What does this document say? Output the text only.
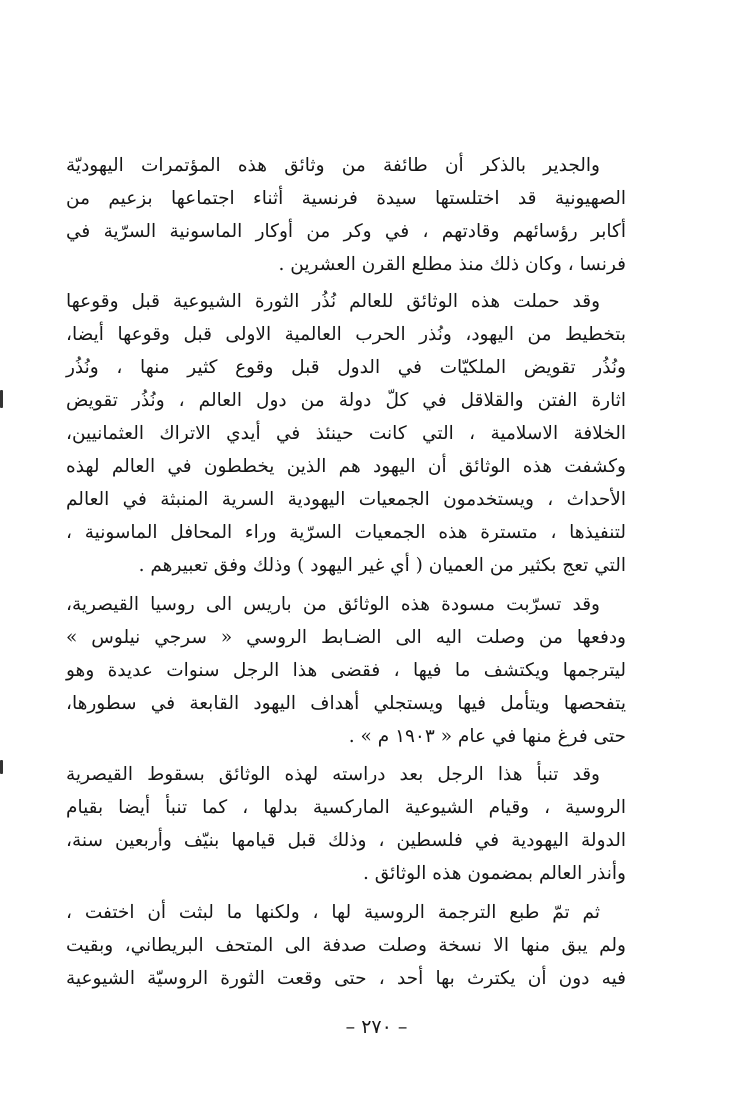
والجدير بالذكر أن طائفة من وثائق هذه المؤتمرات اليهوديّة
الصهيونية قد اختلستها سيدة فرنسية أثناء اجتماعها بزعيم من
أكابر رؤسائهم وقادتهم ، في وكر من أوكار الماسونية السرّية في
فرنسا ، وكان ذلك منذ مطلع القرن العشرين .

وقد حملت هذه الوثائق للعالم نُذُر الثورة الشيوعية قبل وقوعها
بتخطيط من اليهود، ونُذر الحرب العالمية الاولى قبل وقوعها أيضا،
ونُذُر تقويض الملكيّات في الدول قبل وقوع كثير منها ، ونُذُر
اثارة الفتن والقلاقل في كلّ دولة من دول العالم ، ونُذُر تقويض
الخلافة الاسلامية ، التي كانت حينئذ في أيدي الاتراك العثمانيين،
وكشفت هذه الوثائق أن اليهود هم الذين يخططون في العالم لهذه
الأحداث ، ويستخدمون الجمعيات اليهودية السرية المنبثة في العالم
لتنفيذها ، متسترة هذه الجمعيات السرّية وراء المحافل الماسونية ،
التي تعج بكثير من العميان ( أي غير اليهود ) وذلك وفق تعبيرهم .

وقد تسرّبت مسودة هذه الوثائق من باريس الى روسيا القيصرية،
ودفعها من وصلت اليه الى الضـابط الروسي « سرجي نيلوس »
ليترجمها ويكتشف ما فيها ، فقضى هذا الرجل سنوات عديدة وهو
يتفحصها ويتأمل فيها ويستجلي أهداف اليهود القابعة في سطورها،
حتى فرغ منها في عام « ١٩٠٣ م » .

وقد تنبأ هذا الرجل بعد دراسته لهذه الوثائق بسقوط القيصرية
الروسية ، وقيام الشيوعية الماركسية بدلها ، كما تنبأ أيضا بقيام
الدولة اليهودية في فلسطين ، وذلك قبل قيامها بنيّف وأربعين سنة،
وأنذر العالم بمضمون هذه الوثائق .

ثم تمّ طبع الترجمة الروسية لها ، ولكنها ما لبثت أن اختفت ،
ولم يبق منها الا نسخة وصلت صدفة الى المتحف البريطاني، وبقيت
فيه دون أن يكترث بها أحد ، حتى وقعت الثورة الروسيّة الشيوعية

– ٢٧٠ –
